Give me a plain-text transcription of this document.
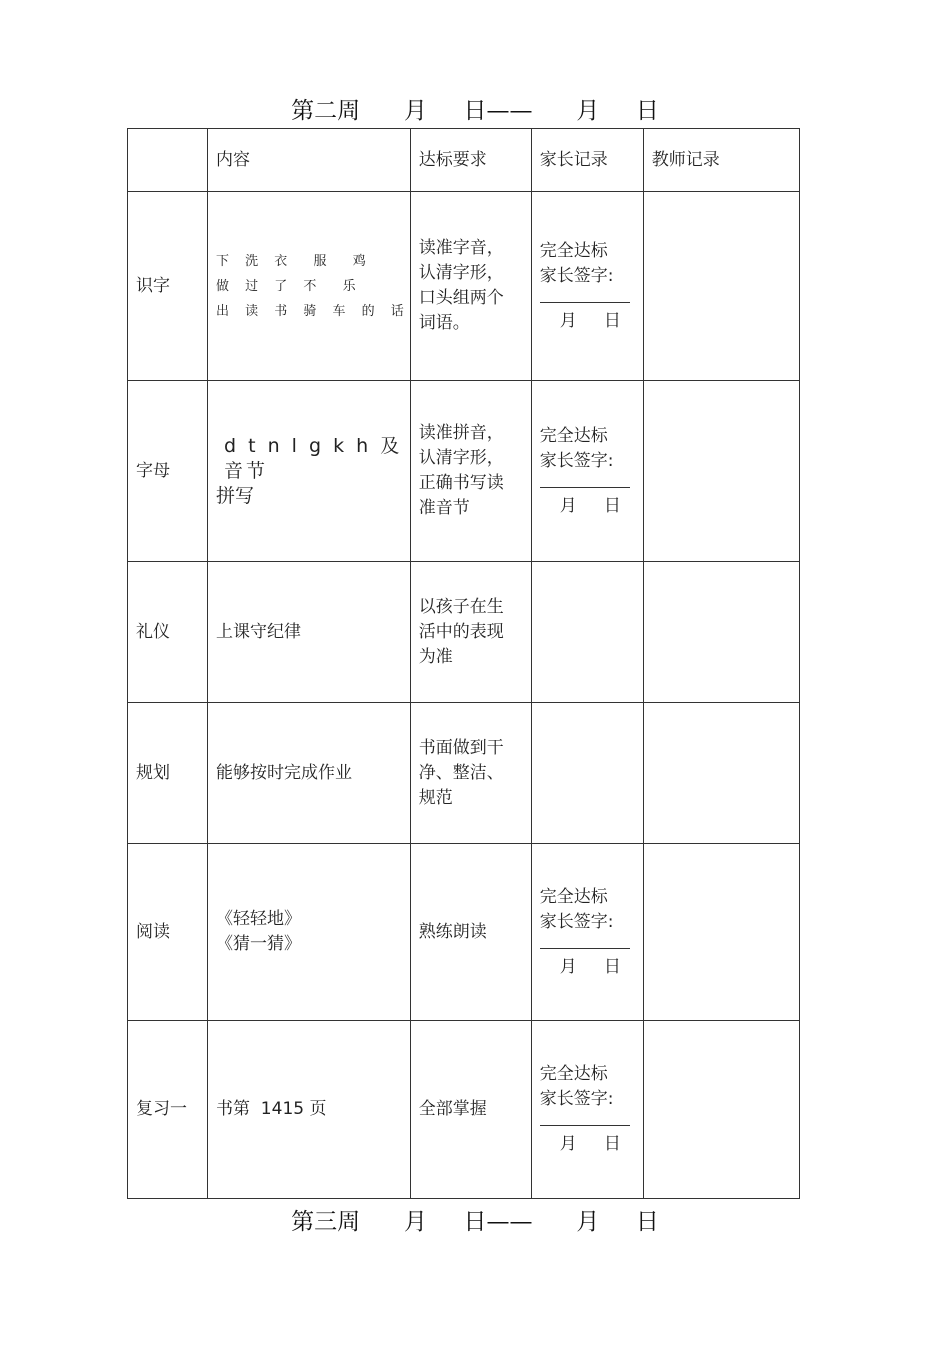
第二周      月     日——      月     日
	内容	达标要求	家长记录	教师记录
识字	下 洗 衣  服  鸡
做 过 了 不  乐
出 读 书 骑 车 的 话	读准字音，认清字形，口头组两个词语。	完全达标
家长签字:
月     日	

字母	d t n l g k h 及音节
拼写	读准拼音，认清字形，正确书写读准音节	完全达标
家长签字:
月     日	

礼仪	上课守纪律	以孩子在生活中的表现为准		

规划	能够按时完成作业	书面做到干净、整洁、规范		

阅读	《轻轻地》
《猜一猜》	熟练朗读	完全达标
家长签字:
月     日	

复习一	书第  1415 页	全部掌握	完全达标
家长签字:
月     日	

第三周      月     日——      月     日
